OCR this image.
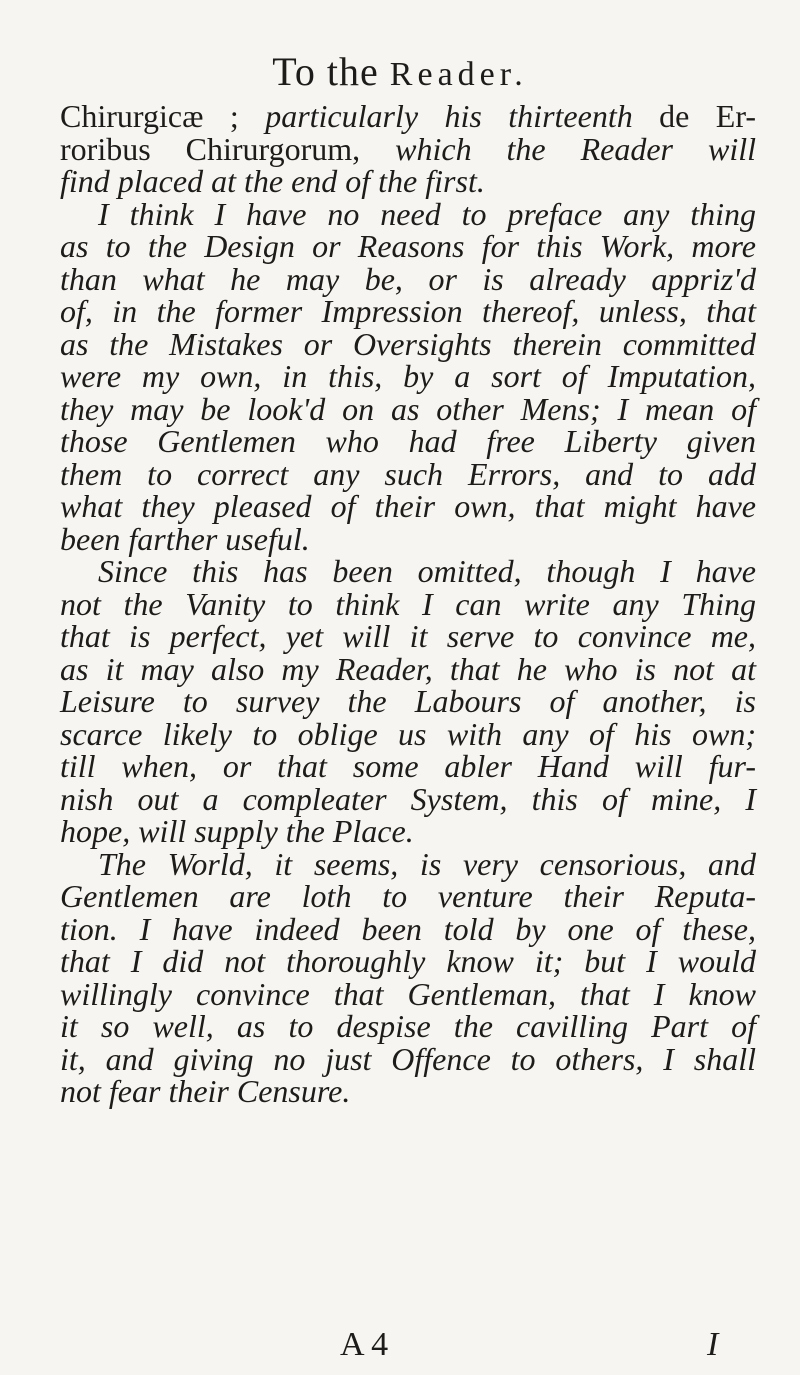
To the Reader.
Chirurgicæ ; particularly his thirteenth de Er-
roribus Chirurgorum, which the Reader will
find placed at the end of the first.
I think I have no need to preface any thing
as to the Design or Reasons for this Work, more
than what he may be, or is already appriz'd
of, in the former Impression thereof, unless, that
as the Mistakes or Oversights therein committed
were my own, in this, by a sort of Imputation,
they may be look'd on as other Mens; I mean of
those Gentlemen who had free Liberty given
them to correct any such Errors, and to add
what they pleased of their own, that might have
been farther useful.
Since this has been omitted, though I have
not the Vanity to think I can write any Thing
that is perfect, yet will it serve to convince me,
as it may also my Reader, that he who is not at
Leisure to survey the Labours of another, is
scarce likely to oblige us with any of his own;
till when, or that some abler Hand will fur-
nish out a compleater System, this of mine, I
hope, will supply the Place.
The World, it seems, is very censorious, and
Gentlemen are loth to venture their Reputa-
tion. I have indeed been told by one of these,
that I did not thoroughly know it; but I would
willingly convince that Gentleman, that I know
it so well, as to despise the cavilling Part of
it, and giving no just Offence to others, I shall
not fear their Censure.
A 4	I
